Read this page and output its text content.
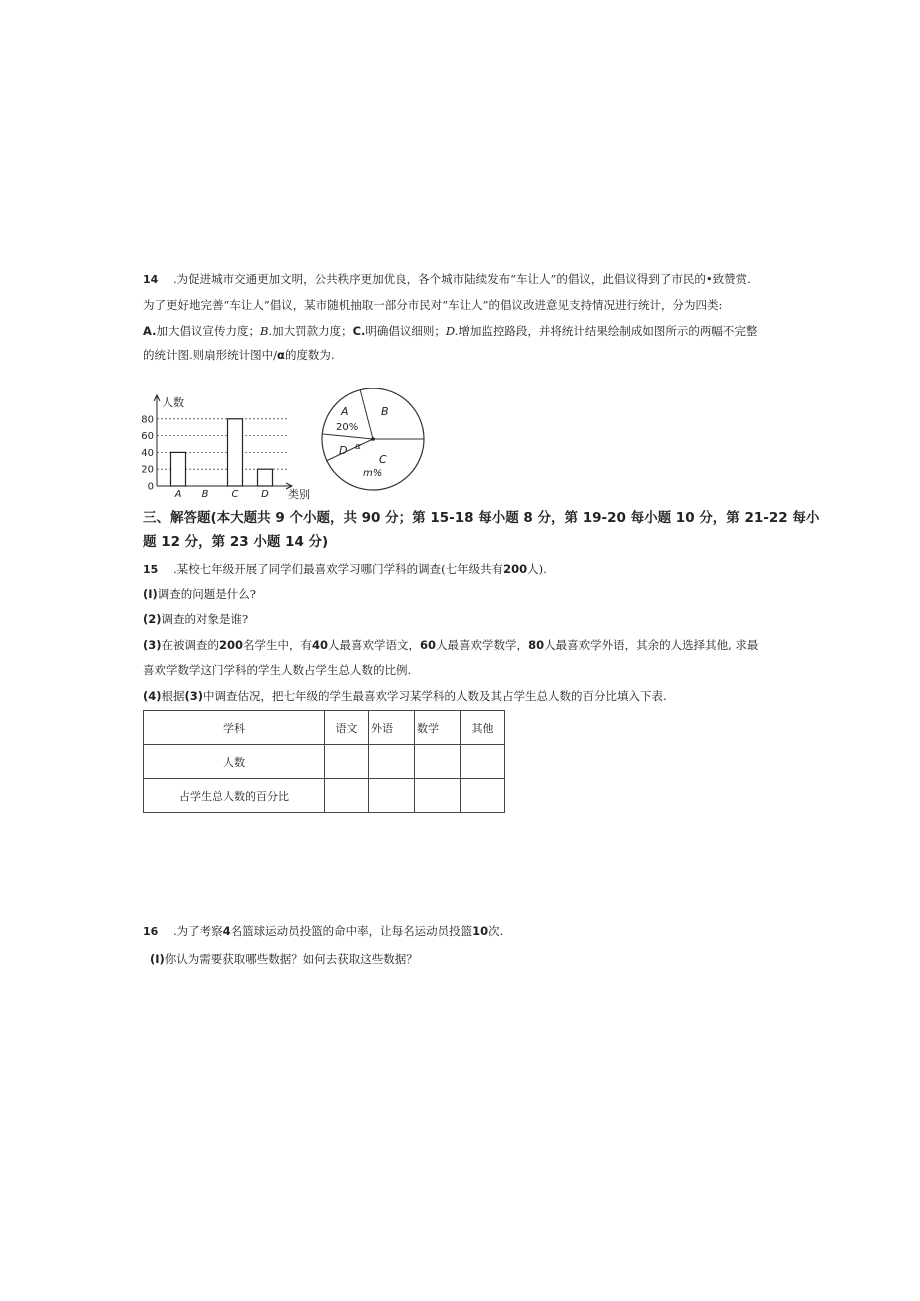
14 .为促进城市交通更加文明，公共秩序更加优良，各个城市陆续发布“车让人”的倡议，此倡议得到了市民的•致赞赏.
为了更好地完善“车让人”倡议，某市随机抽取一部分市民对“车让人”的倡议改进意见支持情况进行统计，分为四类:
A.加大倡议宣传力度；B.加大罚款力度；C.明确倡议细则；D.增加监控路段，并将统计结果绘制成如图所示的两幅不完整
的统计图.则扇形统计图中/α的度数为.
0
20
40
60
80
A B C D
人数
类别
A
20%
B
D α
C
m%
三、解答题(本大题共 9 个小题，共 90 分；第 15-18 每小题 8 分，第 19-20 每小题 10 分，第 21-22 每小
题 12 分，第 23 小题 14 分)
15 .某校七年级开展了同学们最喜欢学习哪门学科的调查(七年级共有200人).
(I)调查的问题是什么?
(2)调查的对象是谁?
(3)在被调查的200名学生中，有40人最喜欢学语文，60人最喜欢学数学，80人最喜欢学外语，其余的人选择其他, 求最
喜欢学数学这门学科的学生人数占学生总人数的比例.
(4)根据(3)中调查估况，把七年级的学生最喜欢学习某学科的人数及其占学生总人数的百分比填入下表.
学科	语文	外语	数学	其他
人数				
占学生总人数的百分比				
16 .为了考察4名篮球运动员投篮的命中率，让每名运动员投篮10次.
(I)你认为需要获取哪些数据？如何去获取这些数据？
